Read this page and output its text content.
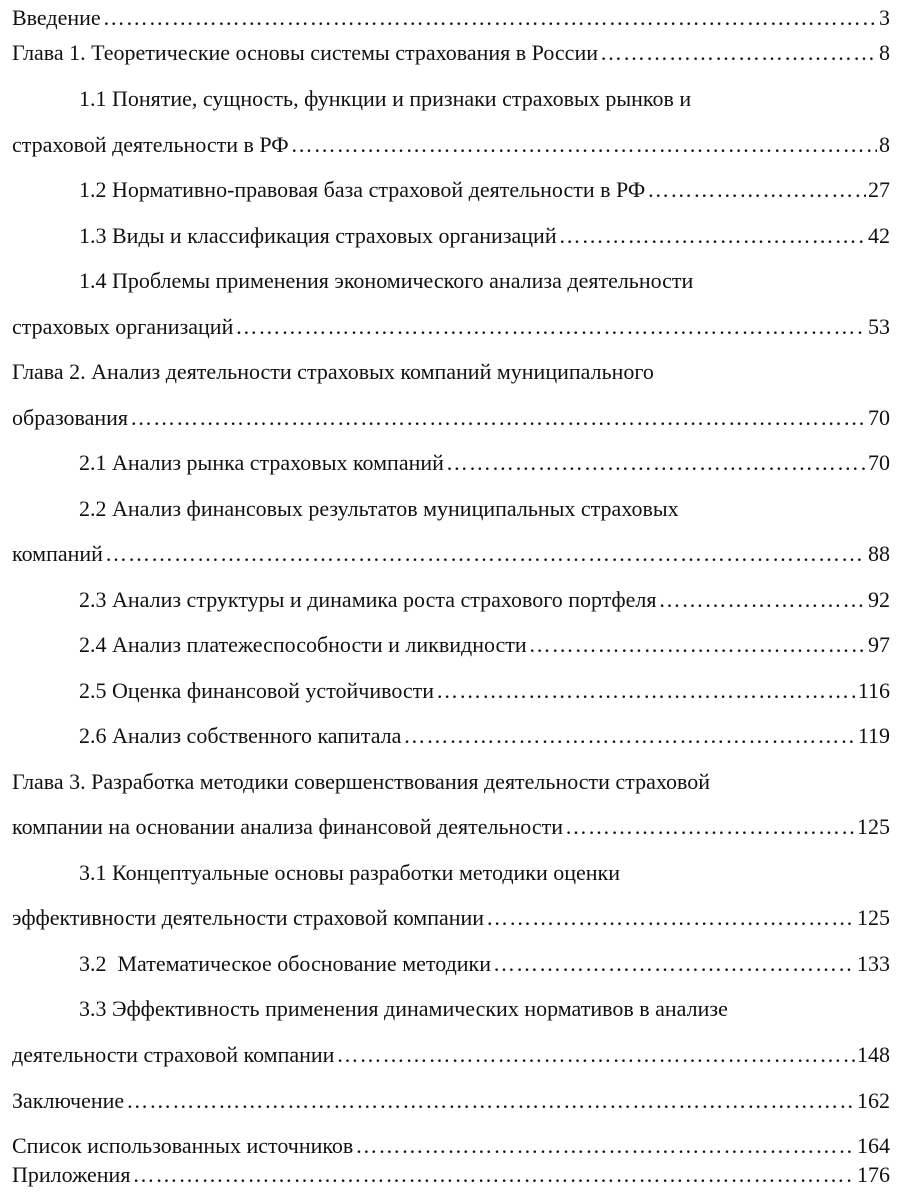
Введение ………………………………………………………………………………………………………………………………………………………………………………………………………………	3
Глава 1. Теоретические основы системы страхования в России ………………………………………………………………………………………………………………………………………………………………………………………………………………	8
1.1 Понятие, сущность, функции и признаки страховых рынков и
страховой деятельности в РФ ………………………………………………………………………………………………………………………………………………………………………………………………………………	8
1.2 Нормативно-правовая база страховой деятельности в РФ ………………………………………………………………………………………………………………………………………………………………………………………………………………	27
1.3 Виды и классификация страховых организаций ………………………………………………………………………………………………………………………………………………………………………………………………………………	42
1.4 Проблемы применения экономического анализа деятельности
страховых организаций ………………………………………………………………………………………………………………………………………………………………………………………………………………	53
Глава 2. Анализ деятельности страховых компаний муниципального
образования ………………………………………………………………………………………………………………………………………………………………………………………………………………	70
2.1 Анализ рынка страховых компаний ………………………………………………………………………………………………………………………………………………………………………………………………………………	70
2.2 Анализ финансовых результатов муниципальных страховых
компаний ………………………………………………………………………………………………………………………………………………………………………………………………………………	88
2.3 Анализ структуры и динамика роста страхового портфеля ………………………………………………………………………………………………………………………………………………………………………………………………………………	92
2.4 Анализ платежеспособности и ликвидности ………………………………………………………………………………………………………………………………………………………………………………………………………………	97
2.5 Оценка финансовой устойчивости ………………………………………………………………………………………………………………………………………………………………………………………………………………	116
2.6 Анализ собственного капитала ………………………………………………………………………………………………………………………………………………………………………………………………………………	119
Глава 3. Разработка методики совершенствования деятельности страховой
компании на основании анализа финансовой деятельности ………………………………………………………………………………………………………………………………………………………………………………………………………………	125
3.1 Концептуальные основы разработки методики оценки
эффективности деятельности страховой компании ………………………………………………………………………………………………………………………………………………………………………………………………………………	125
3.2  Математическое обоснование методики ………………………………………………………………………………………………………………………………………………………………………………………………………………	133
3.3 Эффективность применения динамических нормативов в анализе
деятельности страховой компании ………………………………………………………………………………………………………………………………………………………………………………………………………………	148
Заключение ………………………………………………………………………………………………………………………………………………………………………………………………………………	162
Список использованных источников ………………………………………………………………………………………………………………………………………………………………………………………………………………	164
Приложения ………………………………………………………………………………………………………………………………………………………………………………………………………………	176
